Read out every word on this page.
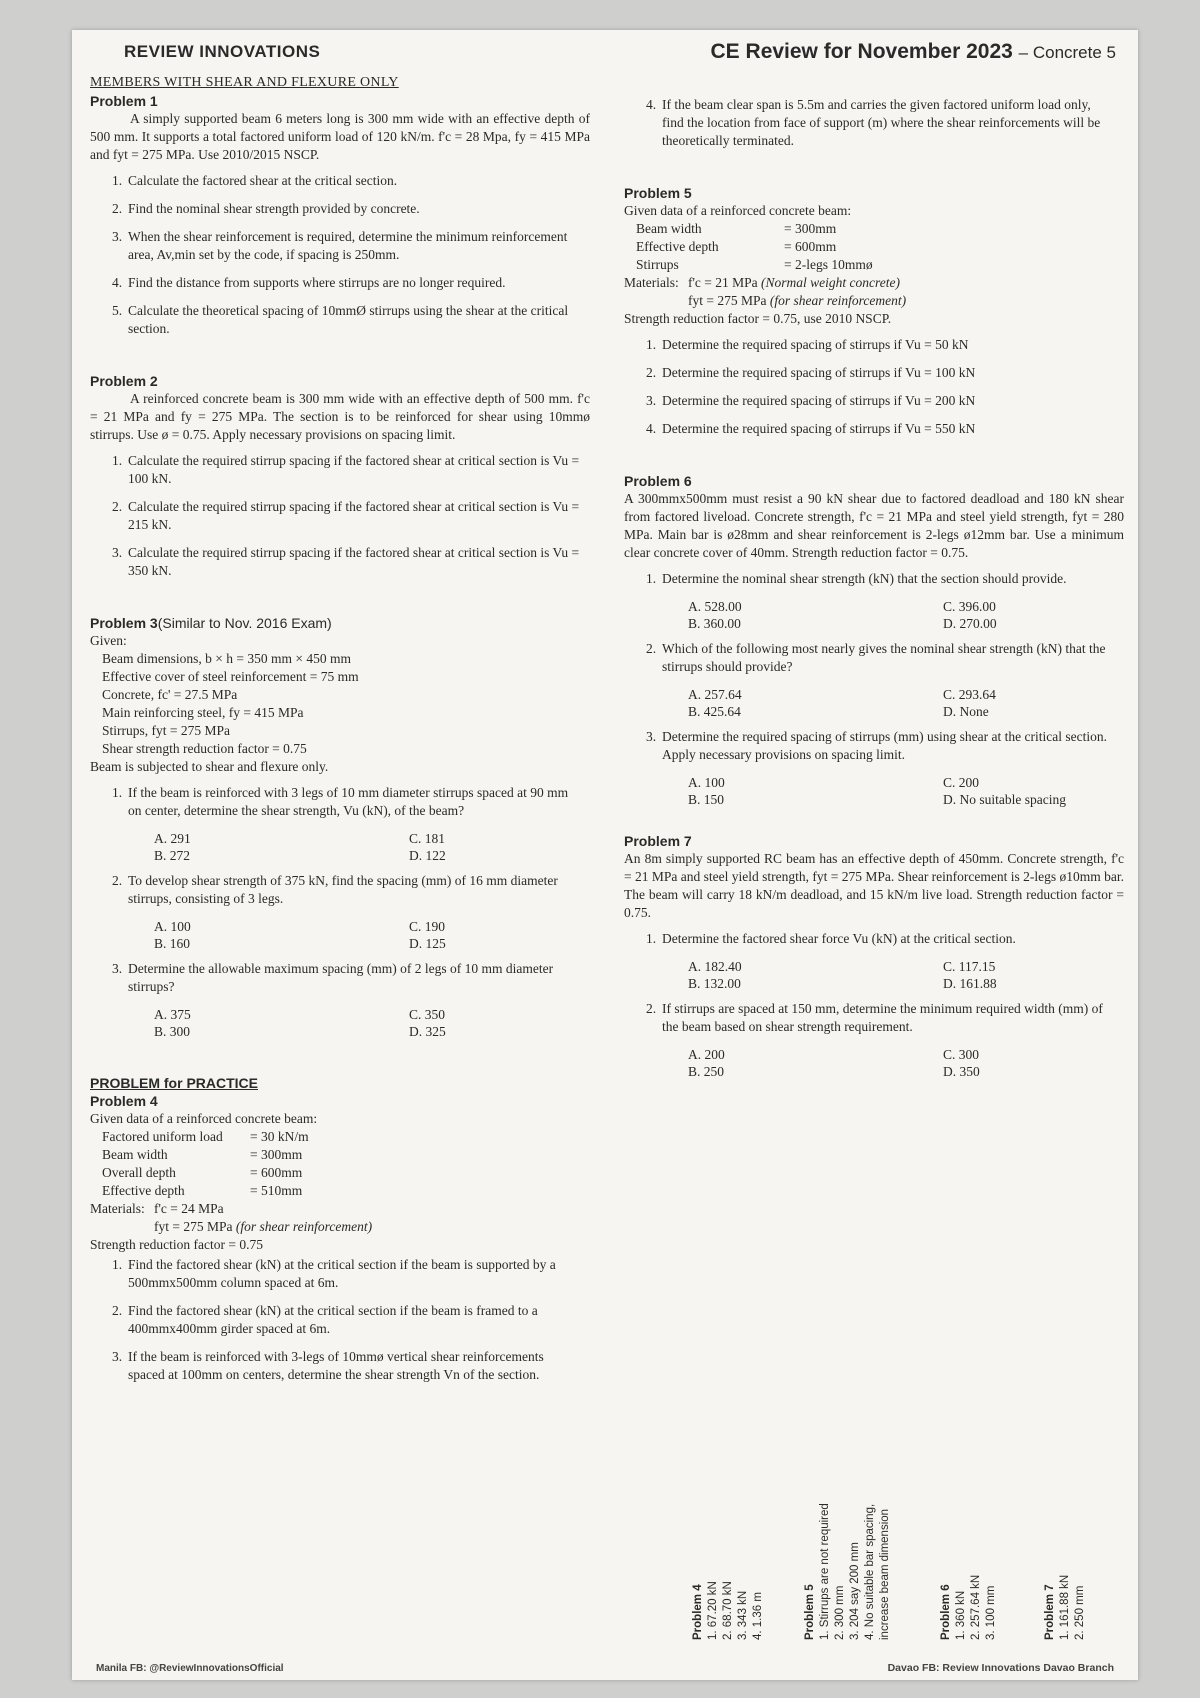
REVIEW INNOVATIONS	CE Review for November 2023 – Concrete 5
MEMBERS WITH SHEAR AND FLEXURE ONLY
Problem 1
A simply supported beam 6 meters long is 300 mm wide with an effective depth of 500 mm. It supports a total factored uniform load of 120 kN/m. f'c = 28 Mpa, fy = 415 MPa and fyt = 275 MPa. Use 2010/2015 NSCP.
1. Calculate the factored shear at the critical section.
2. Find the nominal shear strength provided by concrete.
3. When the shear reinforcement is required, determine the minimum reinforcement area, Av,min set by the code, if spacing is 250mm.
4. Find the distance from supports where stirrups are no longer required.
5. Calculate the theoretical spacing of 10mmØ stirrups using the shear at the critical section.
Problem 2
A reinforced concrete beam is 300 mm wide with an effective depth of 500 mm. f'c = 21 MPa and fy = 275 MPa. The section is to be reinforced for shear using 10mmø stirrups. Use ø = 0.75. Apply necessary provisions on spacing limit.
1. Calculate the required stirrup spacing if the factored shear at critical section is Vu = 100 kN.
2. Calculate the required stirrup spacing if the factored shear at critical section is Vu = 215 kN.
3. Calculate the required stirrup spacing if the factored shear at critical section is Vu = 350 kN.
Problem 3(Similar to Nov. 2016 Exam)
Given:
Beam dimensions, b × h = 350 mm × 450 mm
Effective cover of steel reinforcement = 75 mm
Concrete, fc' = 27.5 MPa
Main reinforcing steel, fy = 415 MPa
Stirrups, fyt = 275 MPa
Shear strength reduction factor = 0.75
Beam is subjected to shear and flexure only.
1. If the beam is reinforced with 3 legs of 10 mm diameter stirrups spaced at 90 mm on center, determine the shear strength, Vu (kN), of the beam?
A. 291	C. 181
B. 272	D. 122
2. To develop shear strength of 375 kN, find the spacing (mm) of 16 mm diameter stirrups, consisting of 3 legs.
A. 100	C. 190
B. 160	D. 125
3. Determine the allowable maximum spacing (mm) of 2 legs of 10 mm diameter stirrups?
A. 375	C. 350
B. 300	D. 325
PROBLEM for PRACTICE
Problem 4
Given data of a reinforced concrete beam:
Factored uniform load	= 30 kN/m
Beam width	= 300mm
Overall depth	= 600mm
Effective depth	= 510mm
Materials: f'c = 24 MPa
fyt = 275 MPa (for shear reinforcement)
Strength reduction factor = 0.75
1. Find the factored shear (kN) at the critical section if the beam is supported by a 500mmx500mm column spaced at 6m.
2. Find the factored shear (kN) at the critical section if the beam is framed to a 400mmx400mm girder spaced at 6m.
3. If the beam is reinforced with 3-legs of 10mmø vertical shear reinforcements spaced at 100mm on centers, determine the shear strength Vn of the section.
4. If the beam clear span is 5.5m and carries the given factored uniform load only, find the location from face of support (m) where the shear reinforcements will be theoretically terminated.
Problem 5
Given data of a reinforced concrete beam:
Beam width	= 300mm
Effective depth	= 600mm
Stirrups	= 2-legs 10mmø
Materials: f'c = 21 MPa (Normal weight concrete)
fyt = 275 MPa (for shear reinforcement)
Strength reduction factor = 0.75, use 2010 NSCP.
1. Determine the required spacing of stirrups if Vu = 50 kN
2. Determine the required spacing of stirrups if Vu = 100 kN
3. Determine the required spacing of stirrups if Vu = 200 kN
4. Determine the required spacing of stirrups if Vu = 550 kN
Problem 6
A 300mmx500mm must resist a 90 kN shear due to factored deadload and 180 kN shear from factored liveload. Concrete strength, f'c = 21 MPa and steel yield strength, fyt = 280 MPa. Main bar is ø28mm and shear reinforcement is 2-legs ø12mm bar. Use a minimum clear concrete cover of 40mm. Strength reduction factor = 0.75.
1. Determine the nominal shear strength (kN) that the section should provide.
A. 528.00	C. 396.00
B. 360.00	D. 270.00
2. Which of the following most nearly gives the nominal shear strength (kN) that the stirrups should provide?
A. 257.64	C. 293.64
B. 425.64	D. None
3. Determine the required spacing of stirrups (mm) using shear at the critical section. Apply necessary provisions on spacing limit.
A. 100	C. 200
B. 150	D. No suitable spacing
Problem 7
An 8m simply supported RC beam has an effective depth of 450mm. Concrete strength, f'c = 21 MPa and steel yield strength, fyt = 275 MPa. Shear reinforcement is 2-legs ø10mm bar. The beam will carry 18 kN/m deadload, and 15 kN/m live load. Strength reduction factor = 0.75.
1. Determine the factored shear force Vu (kN) at the critical section.
A. 182.40	C. 117.15
B. 132.00	D. 161.88
2. If stirrups are spaced at 150 mm, determine the minimum required width (mm) of the beam based on shear strength requirement.
A. 200	C. 300
B. 250	D. 350
Problem 4 1. 67.20 kN 2. 68.70 kN 3. 343 kN 4. 1.36 m	Problem 5 1. Stirrups are not required 2. 300 mm 3. 204 say 200 mm 4. No suitable bar spacing, increase beam dimension	Problem 6 1. 360 kN 2. 257.64 kN 3. 100 mm	Problem 7 1. 161.88 kN 2. 250 mm
Manila FB: @ReviewInnovationsOfficial	Davao FB: Review Innovations Davao Branch
